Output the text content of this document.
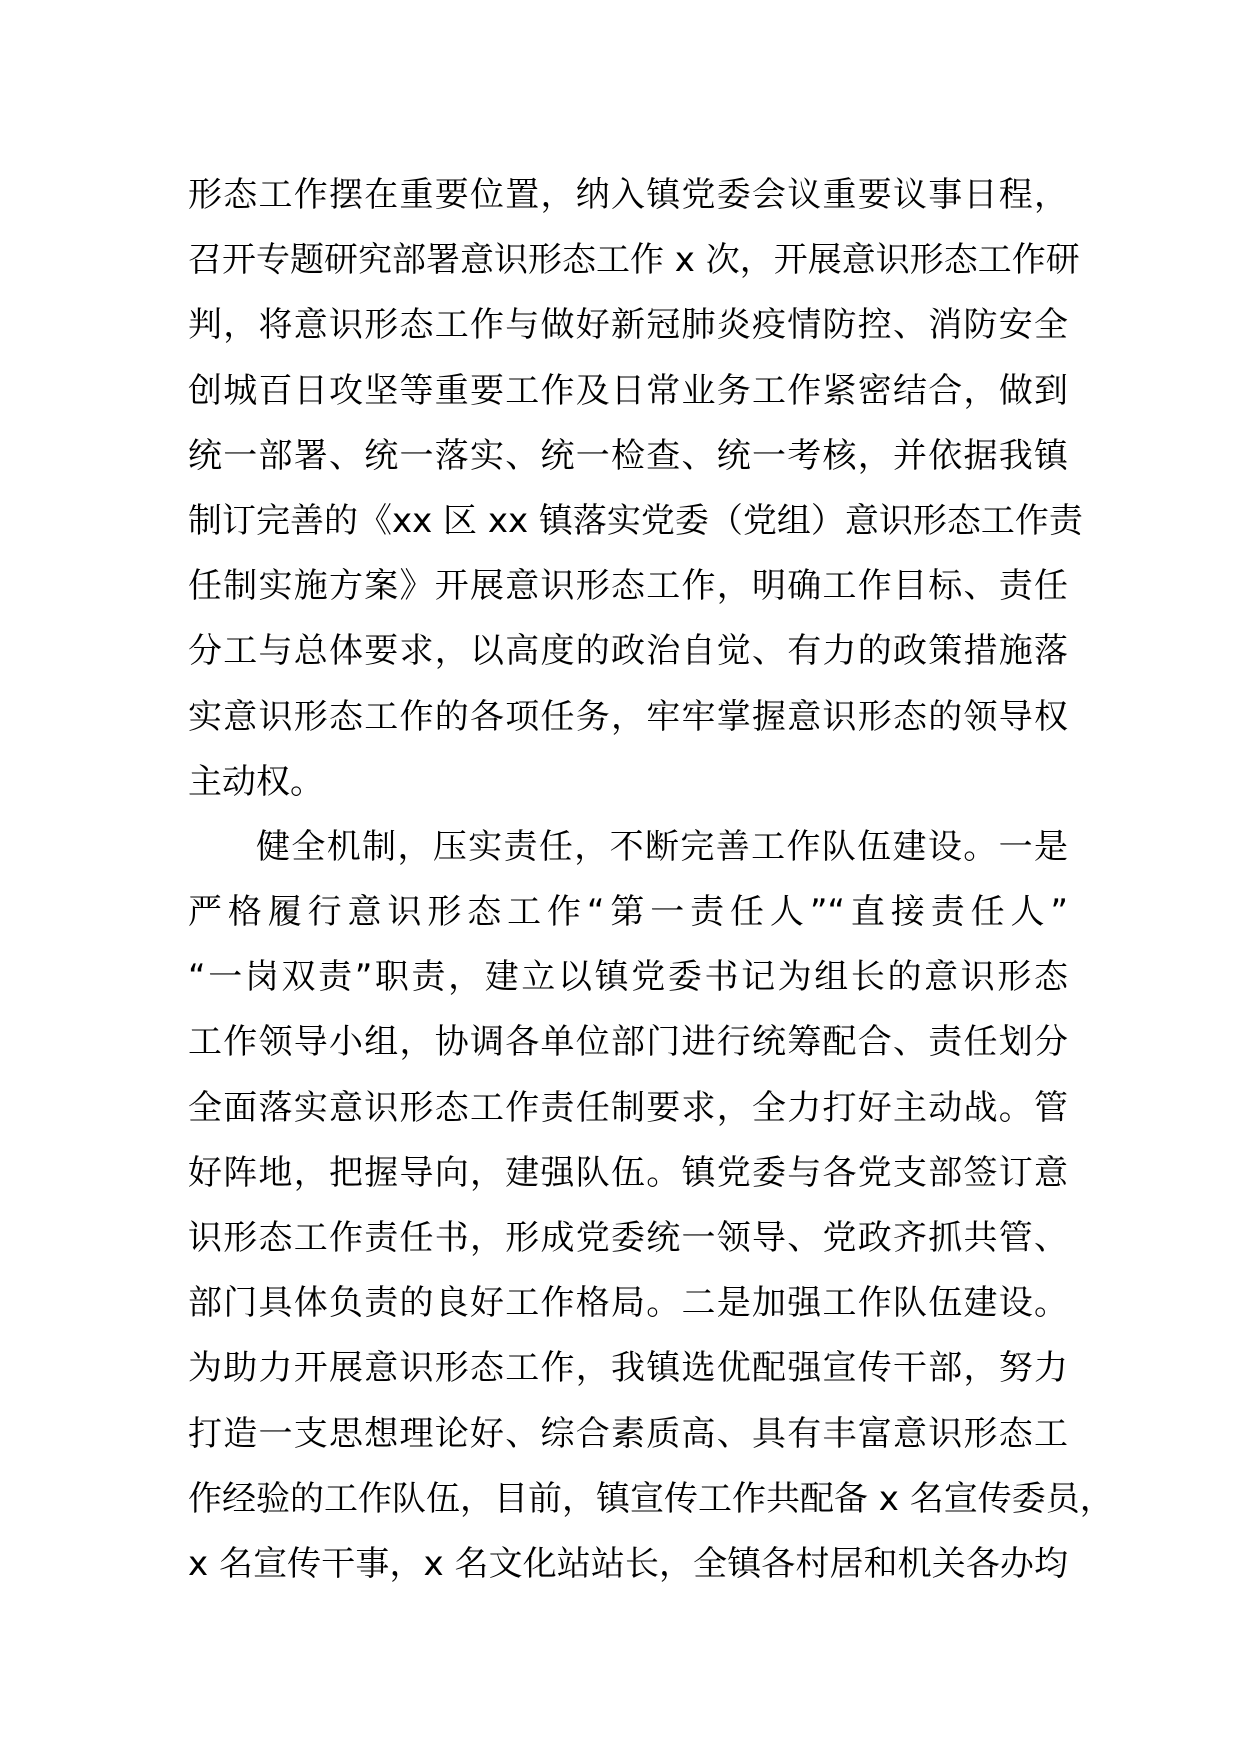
形态工作摆在重要位置，纳入镇党委会议重要议事日程，
召开专题研究部署意识形态工作 x 次，开展意识形态工作研
判，将意识形态工作与做好新冠肺炎疫情防控、消防安全
创城百日攻坚等重要工作及日常业务工作紧密结合，做到
统一部署、统一落实、统一检查、统一考核，并依据我镇
制订完善的《xx 区 xx 镇落实党委（党组）意识形态工作责
任制实施方案》开展意识形态工作，明确工作目标、责任
分工与总体要求，以高度的政治自觉、有力的政策措施落
实意识形态工作的各项任务，牢牢掌握意识形态的领导权
主动权。
健全机制，压实责任，不断完善工作队伍建设。一是
严格履行意识形态工作“第一责任人”“直接责任人”
“一岗双责”职责，建立以镇党委书记为组长的意识形态
工作领导小组，协调各单位部门进行统筹配合、责任划分
全面落实意识形态工作责任制要求，全力打好主动战。管
好阵地，把握导向，建强队伍。镇党委与各党支部签订意
识形态工作责任书，形成党委统一领导、党政齐抓共管、
部门具体负责的良好工作格局。二是加强工作队伍建设。
为助力开展意识形态工作，我镇选优配强宣传干部，努力
打造一支思想理论好、综合素质高、具有丰富意识形态工
作经验的工作队伍，目前，镇宣传工作共配备 x 名宣传委员，
x 名宣传干事，x 名文化站站长，全镇各村居和机关各办均
